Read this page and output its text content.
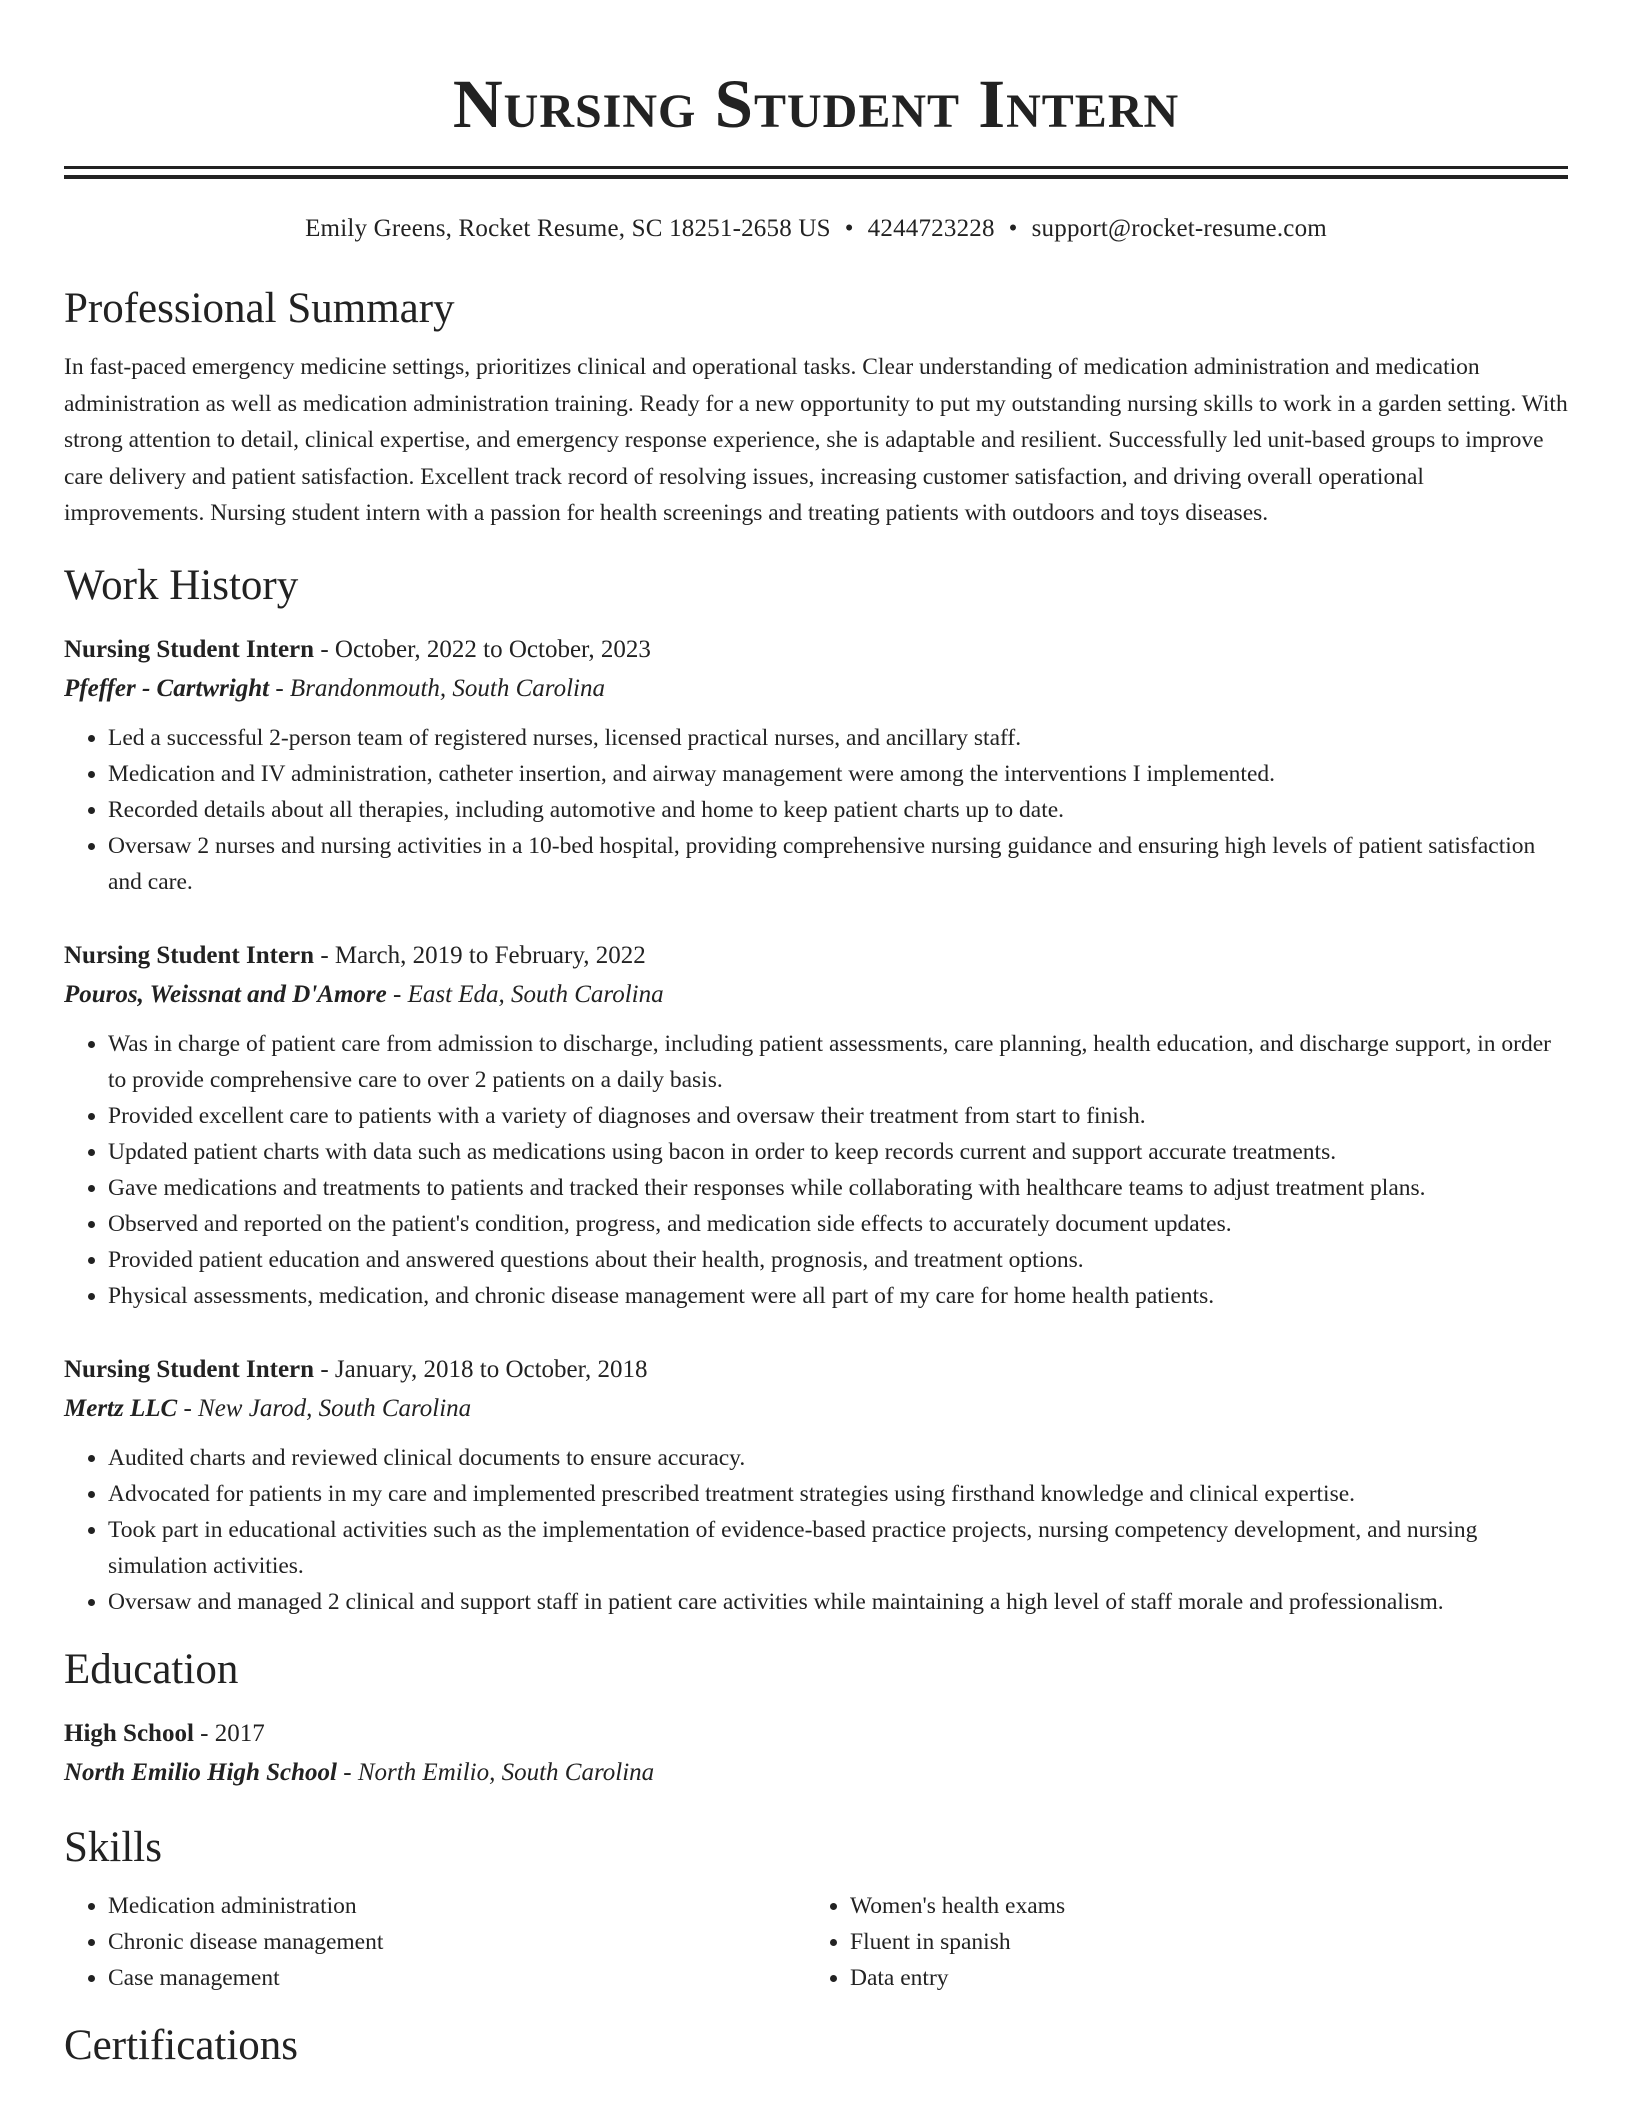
Nursing Student Intern
Emily Greens, Rocket Resume, SC 18251-2658 US • 4244723228 • support@rocket-resume.com
Professional Summary

In fast-paced emergency medicine settings, prioritizes clinical and operational tasks. Clear understanding of medication administration and medication administration as well as medication administration training. Ready for a new opportunity to put my outstanding nursing skills to work in a garden setting. With strong attention to detail, clinical expertise, and emergency response experience, she is adaptable and resilient. Successfully led unit-based groups to improve care delivery and patient satisfaction. Excellent track record of resolving issues, increasing customer satisfaction, and driving overall operational improvements. Nursing student intern with a passion for health screenings and treating patients with outdoors and toys diseases.

Work History
Nursing Student Intern - October, 2022 to October, 2023
Pfeffer - Cartwright - Brandonmouth, South Carolina
• Led a successful 2-person team of registered nurses, licensed practical nurses, and ancillary staff.
• Medication and IV administration, catheter insertion, and airway management were among the interventions I implemented.
• Recorded details about all therapies, including automotive and home to keep patient charts up to date.
• Oversaw 2 nurses and nursing activities in a 10-bed hospital, providing comprehensive nursing guidance and ensuring high levels of patient satisfaction and care.
Nursing Student Intern - March, 2019 to February, 2022
Pouros, Weissnat and D'Amore - East Eda, South Carolina
• Was in charge of patient care from admission to discharge, including patient assessments, care planning, health education, and discharge support, in order to provide comprehensive care to over 2 patients on a daily basis.
• Provided excellent care to patients with a variety of diagnoses and oversaw their treatment from start to finish.
• Updated patient charts with data such as medications using bacon in order to keep records current and support accurate treatments.
• Gave medications and treatments to patients and tracked their responses while collaborating with healthcare teams to adjust treatment plans.
• Observed and reported on the patient's condition, progress, and medication side effects to accurately document updates.
• Provided patient education and answered questions about their health, prognosis, and treatment options.
• Physical assessments, medication, and chronic disease management were all part of my care for home health patients.
Nursing Student Intern - January, 2018 to October, 2018
Mertz LLC - New Jarod, South Carolina
• Audited charts and reviewed clinical documents to ensure accuracy.
• Advocated for patients in my care and implemented prescribed treatment strategies using firsthand knowledge and clinical expertise.
• Took part in educational activities such as the implementation of evidence-based practice projects, nursing competency development, and nursing simulation activities.
• Oversaw and managed 2 clinical and support staff in patient care activities while maintaining a high level of staff morale and professionalism.
Education
High School - 2017
North Emilio High School - North Emilio, South Carolina
Skills
• Medication administration
• Chronic disease management
• Case management
• Women's health exams
• Fluent in spanish
• Data entry
Certifications
